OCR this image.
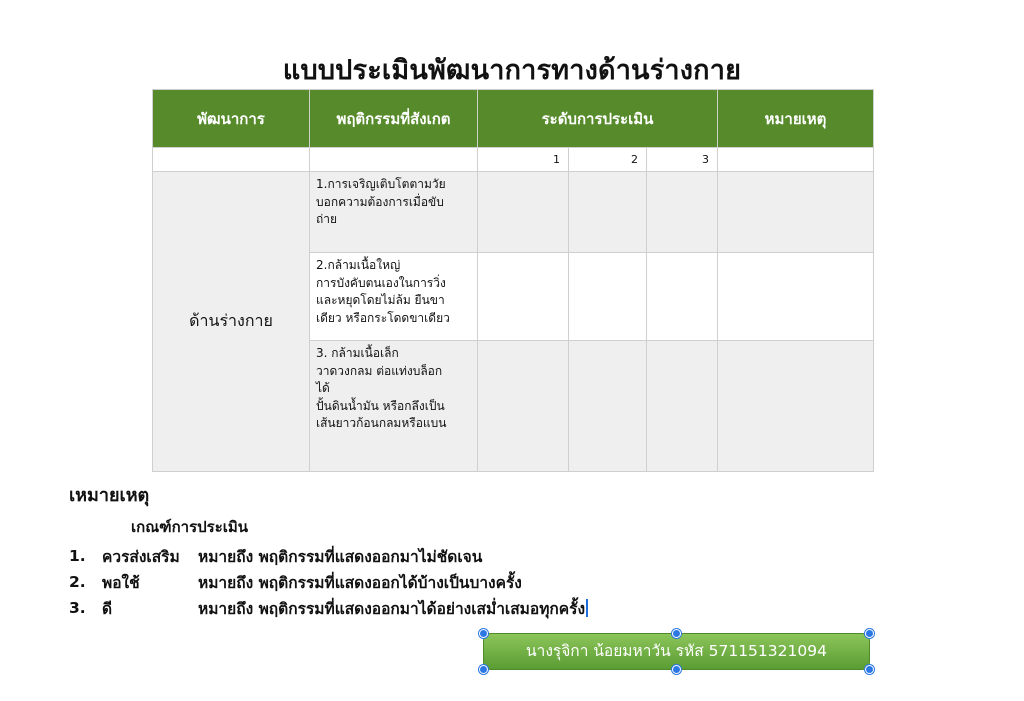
แบบประเมินพัฒนาการทางด้านร่างกาย
พัฒนาการ	พฤติกรรมที่สังเกต	ระดับการประเมิน			หมายเหตุ
		1	2	3	
ด้านร่างกาย	1.การเจริญเติบโตตามวัย
บอกความต้องการเมื่อขับ
ถ่าย				

	2.กล้ามเนื้อใหญ่
การบังคับตนเองในการวิ่ง
และหยุดโดยไม่ล้ม ยืนขา
เดียว หรือกระโดดขาเดียว				

	3. กล้ามเนื้อเล็ก
วาดวงกลม ต่อแท่งบล็อก
ได้
ปั้นดินน้ำมัน หรือกลึงเป็น
เส้นยาวก้อนกลมหรือแบน				

เหมายเหตุ
เกณฑ์การประเมิน
1.	ควรส่งเสริม	หมายถึง พฤติกรรมที่แสดงออกมาไม่ชัดเจน
2.	พอใช้	หมายถึง พฤติกรรมที่แสดงออกได้บ้างเป็นบางครั้ง
3.	ดี	หมายถึง พฤติกรรมที่แสดงออกมาได้อย่างเสม่ำเสมอทุกครั้ง
นางรุจิกา น้อยมหาวัน รหัส 571151321094
